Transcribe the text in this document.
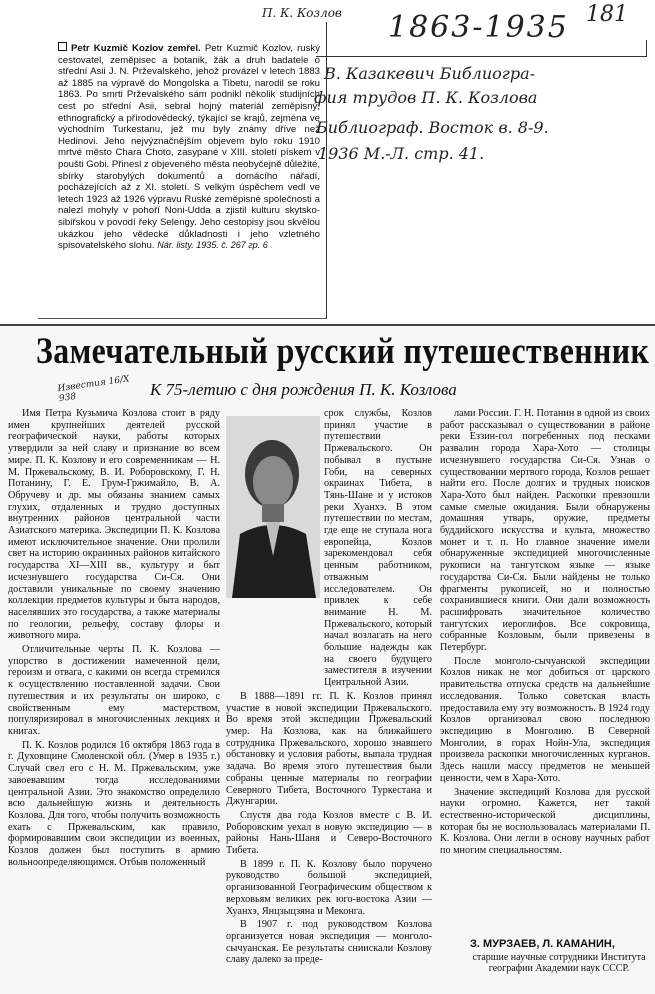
П. К. Козлов 1863-1935 181
В. Казакевич Библиогра-
фия трудов П. К. Козлова
Библиограф. Восток в. 8-9.
1936 М.-Л. стр. 41.

Petr Kuzmič Kozlov zemřel. Petr Kuzmič Kozlov, ruský cestovatel, zeměpisec a botanik, žák a druh badatele o střední Asii J. N. Prževalského, jehož provázel v letech 1883 až 1885 na výpravě do Mongolska a Tibetu, narodil se roku 1863. Po smrti Prževalského sám podnikl několik studijních cest po střední Asii, sebral hojný materiál zeměpisný, ethnografický a přírodovědecký, týkající se krajů, zejména ve východním Turkestanu, jež mu byly známy dříve než Hedinovi. Jeho nejvýznačnějším objevem bylo roku 1910 mrtvé město Chara Choto, zasypané v XIII. století pískem v poušti Gobi. Přinesl z objeveného města neobyčejně důležité, sbírky starobylých dokumentů a domácího nářadí, pocházejících až z XI. století. S velkým úspěchem vedl ve letech 1923 až 1926 výpravu Ruské zeměpisné společnosti a nalezl mohyly v pohoří Noni-Udda a zjistil kulturu skytsko-sibiřskou v povodí řeky Selengy. Jeho cestopisy jsou skvělou ukázkou jeho vědecké důkladnosti i jeho vzletného spisovatelského slohu. Nár. listy. 1935. č. 267 гр. 6

Замечательный русский путешественник
Известия 16/X 938	К 75-летию с дня рождения П. К. Козлова

Имя Петра Кузьмича Козлова стоит в ряду имен крупнейших деятелей русской географической науки, работы которых утвердили за ней славу и признание во всем мире. П. К. Козлову и его современникам — Н. М. Пржевальскому, В. И. Роборовскому, Г. Н. Потанину, Г. Е. Грум-Гржимайло, В. А. Обручеву и др. мы обязаны знанием самых глухих, отдаленных и трудно доступных внутренних районов центральной части Азиатского материка. Экспедиции П. К. Козлова имеют исключительное значение. Они пролили свет на историю окраинных районов китайского государства XI—XIII вв., культуру и быт исчезнувшего государства Си-Ся. Они доставили уникальные по своему значению коллекции предметов культуры и быта народов, населявших это государства, а также материалы по геологии, рельефу, составу флоры и животного мира.

Отличительные черты П. К. Козлова — упорство в достижении намеченной цели, героизм и отвага, с какими он всегда стремился к осуществлению поставленной задачи. Свои путешествия и их результаты он широко, с свойственным ему мастерством, популяризировал в многочисленных лекциях и книгах.

П. К. Козлов родился 16 октября 1863 года в г. Духовщине Смоленской обл. (Умер в 1935 г.) Случай свел его с Н. М. Пржевальским, уже завоевавшим тогда исследованиями центральной Азии. Это знакомство определило всю дальнейшую жизнь и деятельность Козлова. Для того, чтобы получить возможность ехать с Пржевальским, как правило, формировавшим свои экспедиции из военных, Козлов должен был поступить в армию вольноопределяющимся. Отбыв положенный

срок службы, Козлов принял участие в путешествии Пржевальского. Он побывал в пустыне Гоби, на северных окраинах Тибета, в Тянь-Шане и у истоков реки Хуанхэ. В этом путешествии по местам, где еще не ступала нога европейца, Козлов зарекомендовал себя ценным работником, отважным исследователем. Он привлек к себе внимание Н. М. Пржевальского, который начал возлагать на него большие надежды как на своего будущего заместителя в изучении Центральной Азии.

В 1888—1891 гг. П. К. Козлов принял участие в новой экспедиции Пржевальского. Во время этой экспедиции Пржевальский умер. На Козлова, как на ближайшего сотрудника Пржевальского, хорошо знавшего обстановку и условия работы, выпала трудная задача. Во время этого путешествия были собраны ценные материалы по географии Северного Тибета, Восточного Туркестана и Джунгарии.

Спустя два года Козлов вместе с В. И. Роборовским уехал в новую экспедицию — в районы Нань-Шаня и Северо-Восточного Тибета.

В 1899 г. П. К. Козлову было поручено руководство большой экспедицией, организованной Географическим обществом к верховьям великих рек юго-востока Азии — Хуанхэ, Янцзыцзяна и Меконга.

В 1907 г. под руководством Козлова организуется новая экспедиция — монголо-сычуанская. Ее результаты сниискали Козлову славу далеко за преде-

лами России. Г. Н. Потанин в одной из своих работ рассказывал о существовании в районе реки Еззин-гол погребенных под песками развалин города Хара-Хото — столицы исчезнувшего государства Си-Ся. Узнав о существовании мертвого города, Козлов решает найти его. После долгих и трудных поисков Хара-Хото был найден. Раскопки превзошли самые смелые ожидания. Были обнаружены домашняя утварь, оружие, предметы буддийского искусства и культа, множество монет и т. п. Но главное значение имели обнаруженные экспедицией многочисленные рукописи на тангутском языке — языке государства Си-Ся. Были найдены не только фрагменты рукописей, но и полностью сохранившиеся книги. Они дали возможность расшифровать значительное количество тангутских иероглифов. Все сокровища, собранные Козловым, были привезены в Петербург.

После монголо-сычуанской экспедиции Козлов никак не мог добиться от царского правительства отпуска средств на дальнейшие исследования. Только советская власть предоставила ему эту возможность. В 1924 году Козлов организовал свою последнюю экспедицию в Монголию. В Северной Монголии, в горах Нойн-Ула, экспедиция произвела раскопки многочисленных курганов. Здесь нашли массу предметов не меньшей ценности, чем в Хара-Хото.

Значение экспедиций Козлова для русской науки огромно. Кажется, нет такой естественно-исторической дисциплины, которая бы не воспользовалась материалами П. К. Козлова. Они легли в основу научных работ по многим специальностям.

З. МУРЗАЕВ, Л. КАМАНИН,
старшие научные сотрудники Института географии Академии наук СССР.
